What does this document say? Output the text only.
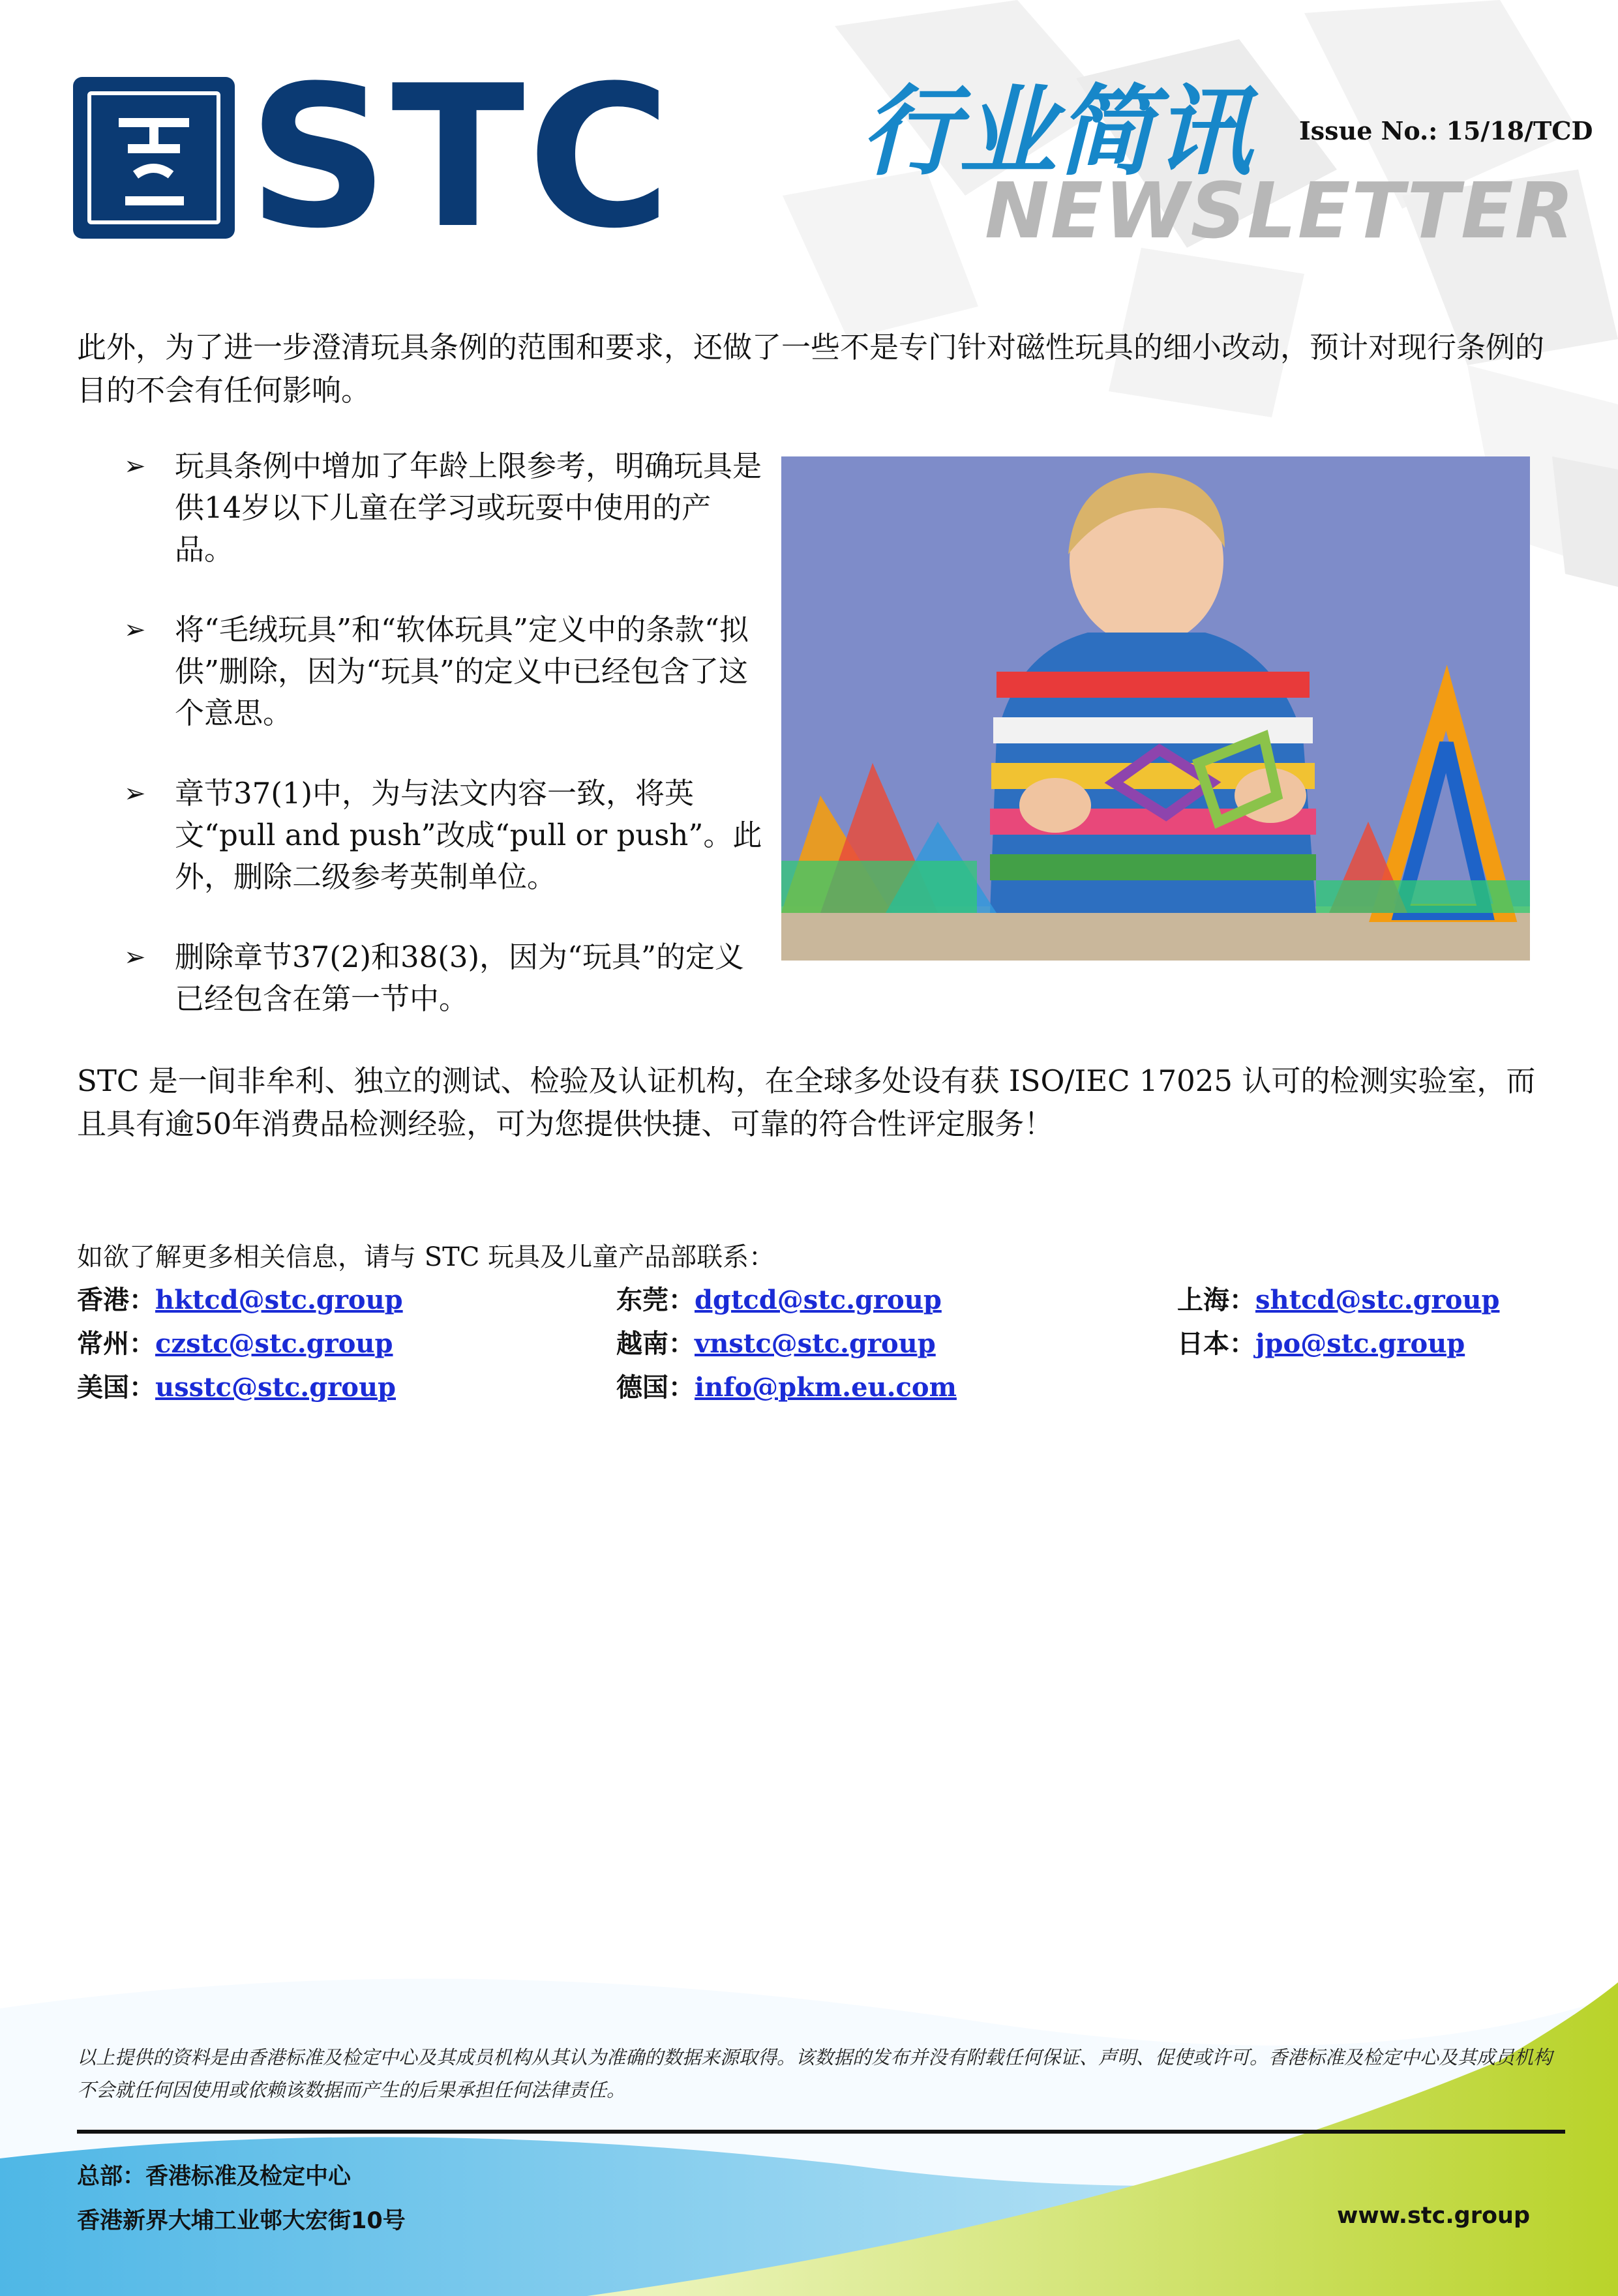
STC 行业简讯
NEWSLETTER
Issue No.: 15/18/TCD
此外，为了进一步澄清玩具条例的范围和要求，还做了一些不是专门针对磁性玩具的细小改动，预计对现行条例的目的不会有任何影响。
➢ 玩具条例中增加了年龄上限参考，明确玩具是供14岁以下儿童在学习或玩耍中使用的产品。
➢ 将“毛绒玩具”和“软体玩具”定义中的条款“拟供”删除，因为“玩具”的定义中已经包含了这个意思。
➢ 章节37(1)中，为与法文内容一致，将英文“pull and push”改成“pull or push”。此外，删除二级参考英制单位。
➢ 删除章节37(2)和38(3)，因为“玩具”的定义已经包含在第一节中。
STC 是一间非牟利、独立的测试、检验及认证机构，在全球多处设有获 ISO/IEC 17025 认可的检测实验室，而且具有逾50年消费品检测经验，可为您提供快捷、可靠的符合性评定服务！
如欲了解更多相关信息，请与 STC 玩具及儿童产品部联系：
香港：hktcd@stc.group	东莞：dgtcd@stc.group	上海：shtcd@stc.group
常州：czstc@stc.group	越南：vnstc@stc.group	日本：jpo@stc.group
美国：usstc@stc.group	德国：info@pkm.eu.com
以上提供的资料是由香港标准及检定中心及其成员机构从其认为准确的数据来源取得。该数据的发布并没有附载任何保证、声明、促使或许可。香港标准及检定中心及其成员机构不会就任何因使用或依赖该数据而产生的后果承担任何法律责任。
总部：香港标准及检定中心
香港新界大埔工业邨大宏街10号	www.stc.group
